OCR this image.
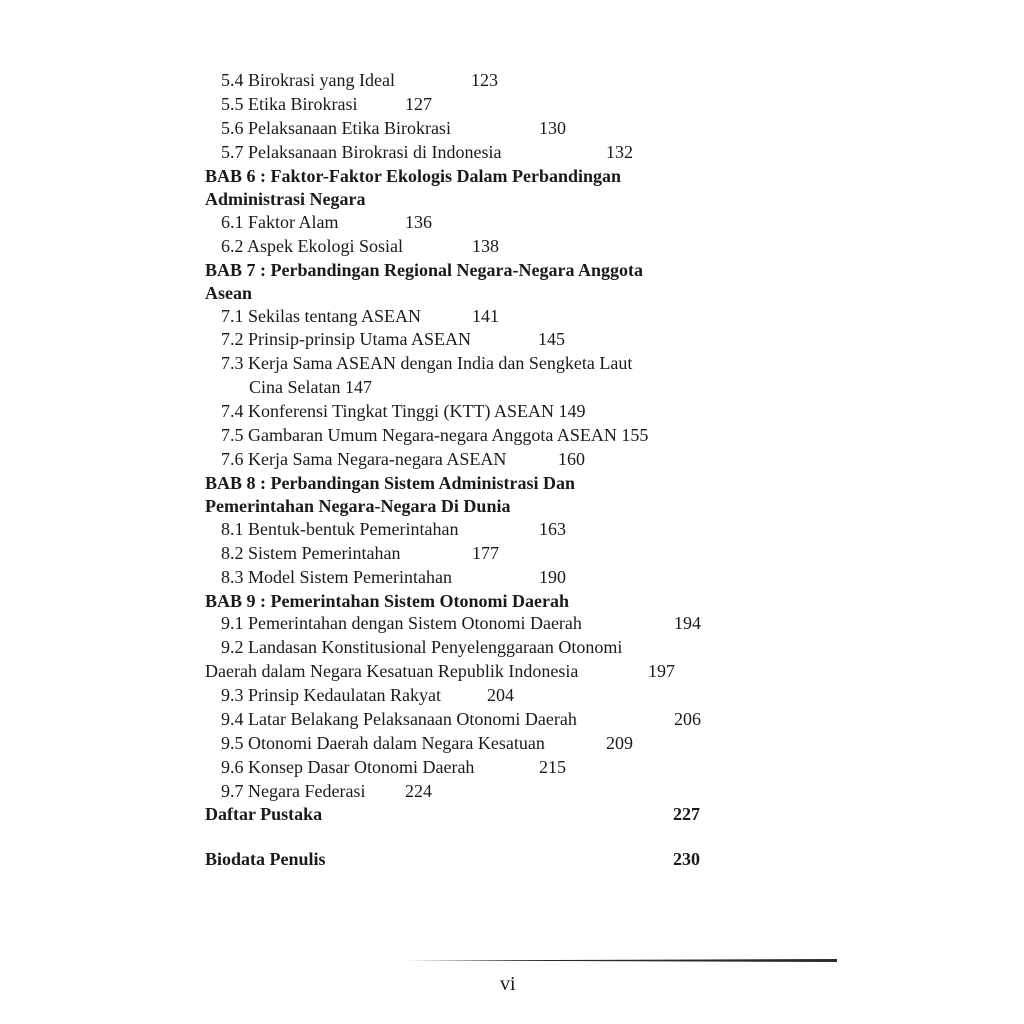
5.4 Birokrasi yang Ideal	123
5.5 Etika Birokrasi	127
5.6 Pelaksanaan Etika Birokrasi	130
5.7 Pelaksanaan Birokrasi di Indonesia	132
BAB 6 : Faktor-Faktor Ekologis Dalam Perbandingan
Administrasi Negara
6.1 Faktor Alam	136
6.2 Aspek Ekologi Sosial	138
BAB 7 : Perbandingan Regional Negara-Negara Anggota
Asean
7.1 Sekilas tentang ASEAN	141
7.2 Prinsip-prinsip Utama ASEAN	145
7.3 Kerja Sama ASEAN dengan India dan Sengketa Laut
Cina Selatan 147
7.4 Konferensi Tingkat Tinggi (KTT) ASEAN 149
7.5 Gambaran Umum Negara-negara Anggota ASEAN 155
7.6 Kerja Sama Negara-negara ASEAN	160
BAB 8 : Perbandingan Sistem Administrasi Dan
Pemerintahan Negara-Negara Di Dunia
8.1 Bentuk-bentuk Pemerintahan	163
8.2 Sistem Pemerintahan	177
8.3 Model Sistem Pemerintahan	190
BAB 9 : Pemerintahan Sistem Otonomi Daerah
9.1 Pemerintahan dengan Sistem Otonomi Daerah	194
9.2 Landasan Konstitusional Penyelenggaraan Otonomi
Daerah dalam Negara Kesatuan Republik Indonesia	197
9.3 Prinsip Kedaulatan Rakyat	204
9.4 Latar Belakang Pelaksanaan Otonomi Daerah	206
9.5 Otonomi Daerah dalam Negara Kesatuan	209
9.6 Konsep Dasar Otonomi Daerah	215
9.7 Negara Federasi 224
Daftar Pustaka	227
Biodata Penulis	230
vi
